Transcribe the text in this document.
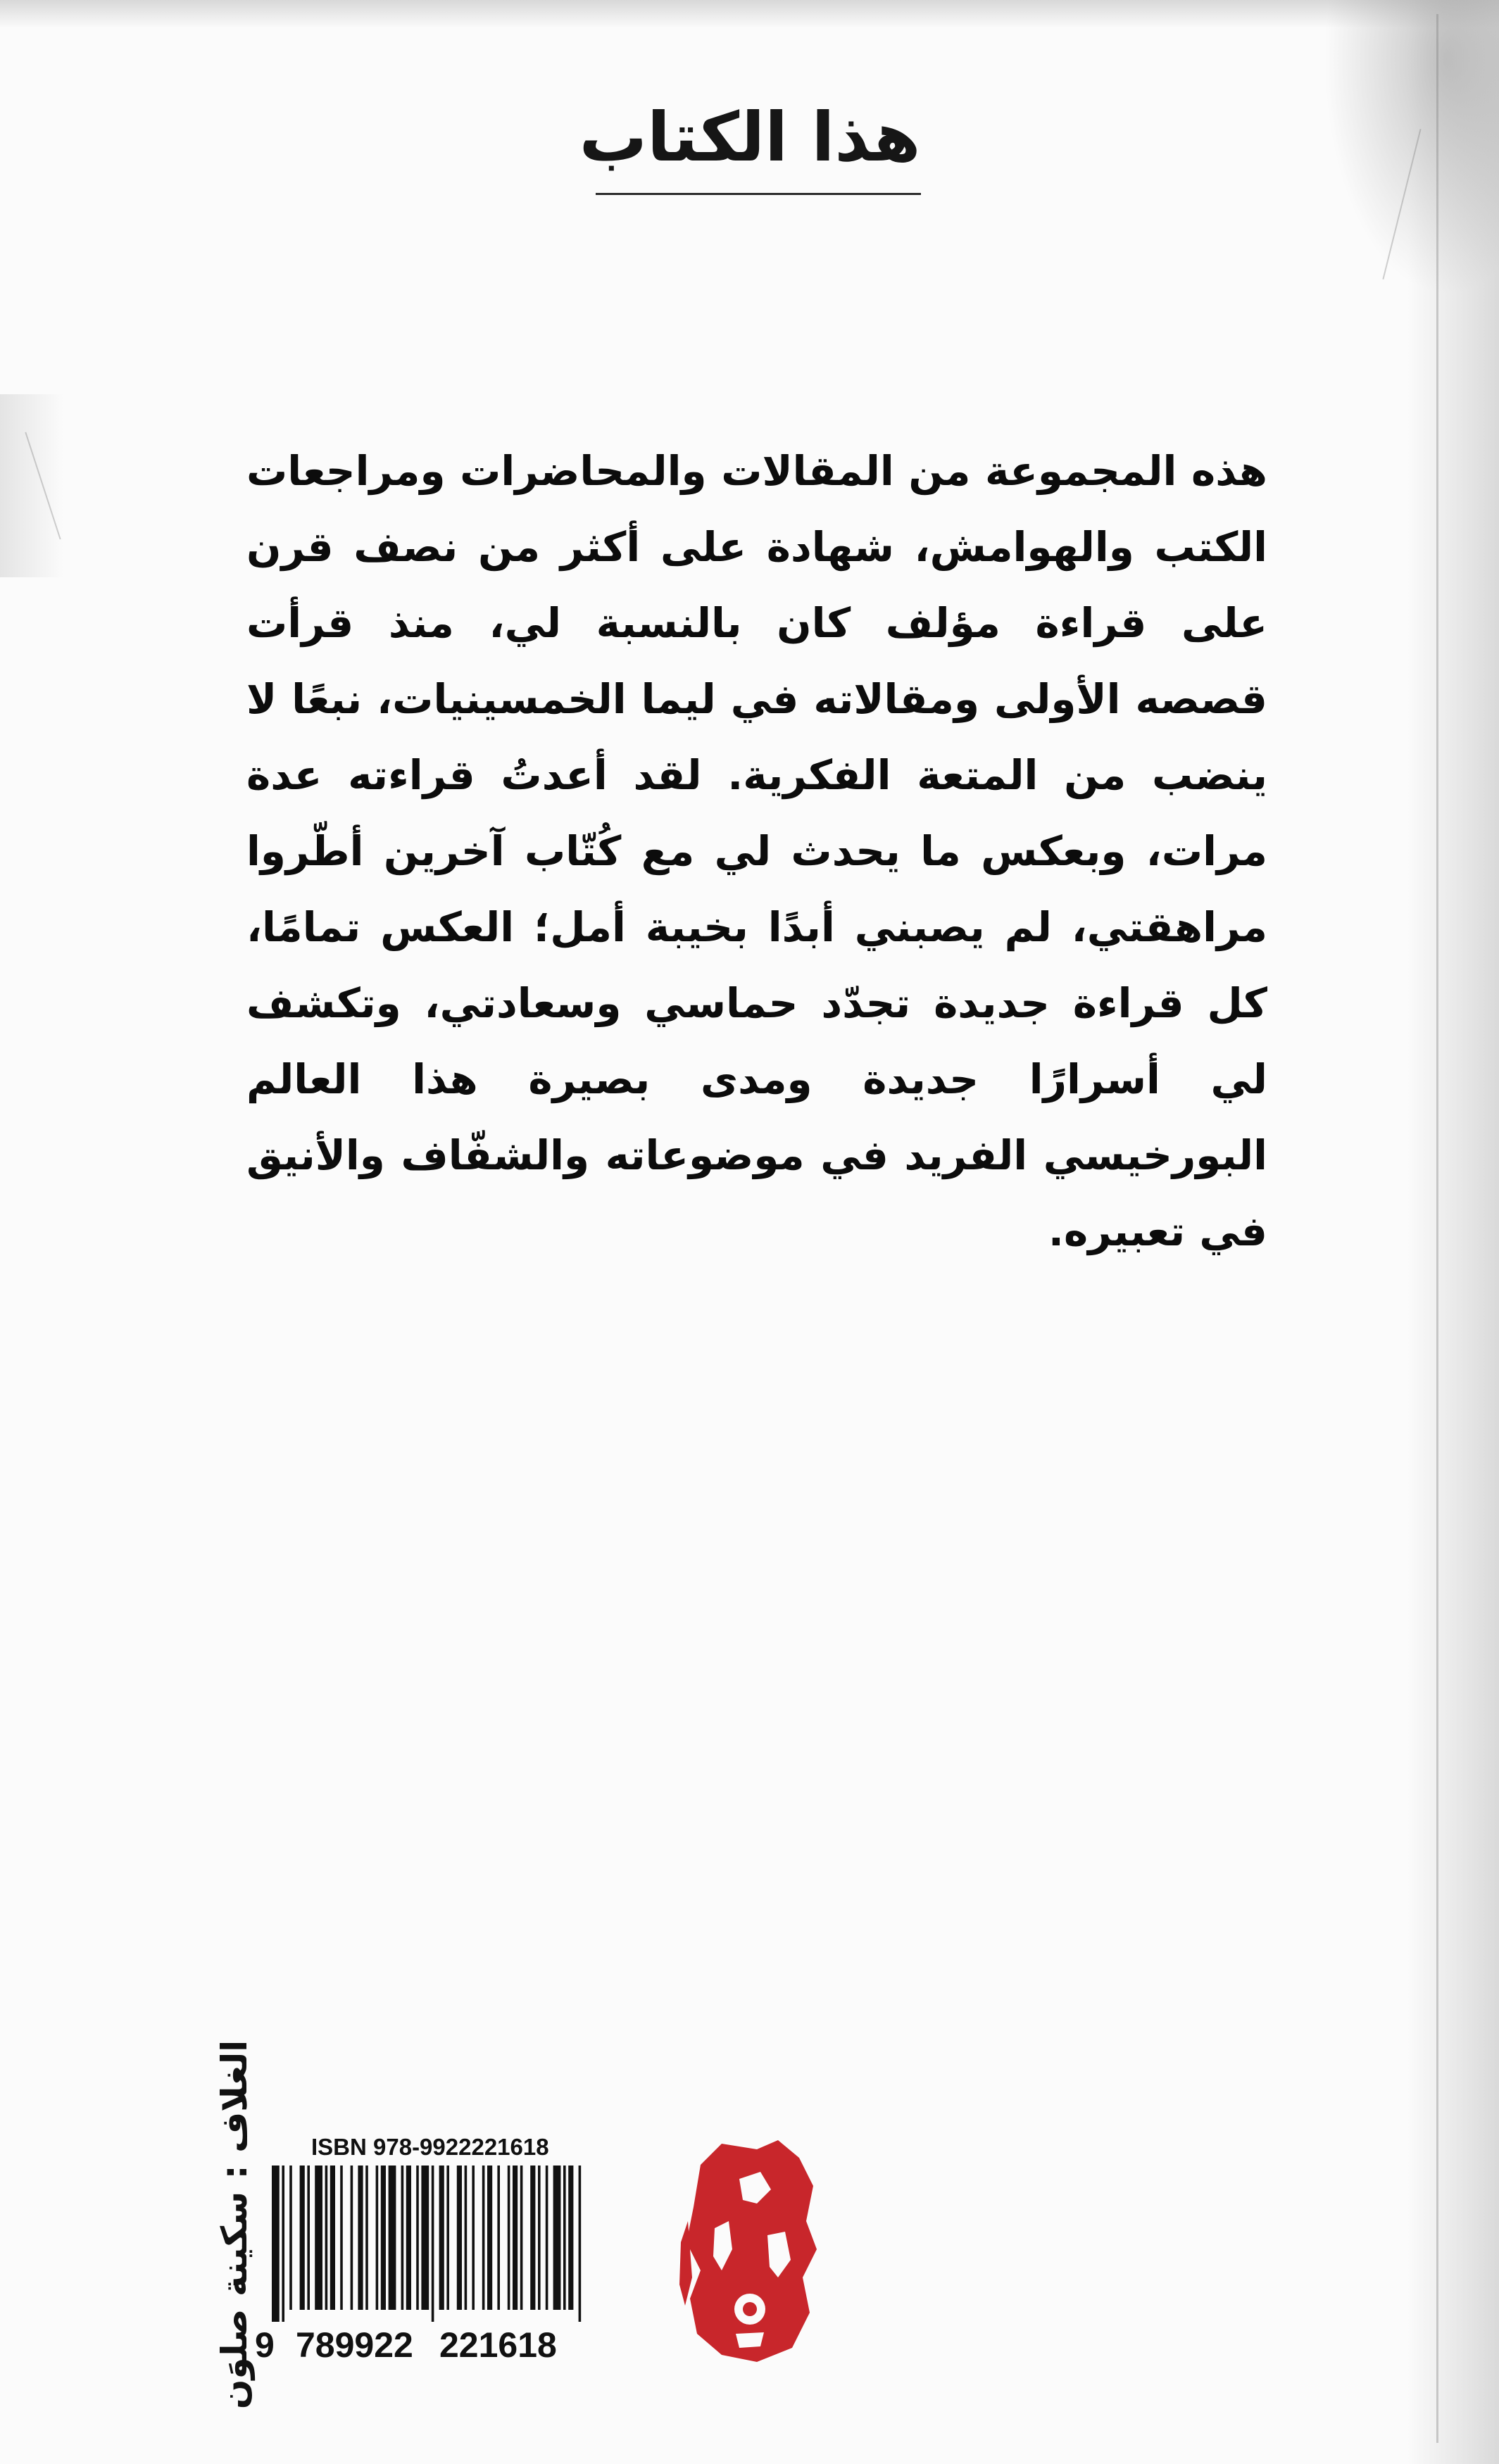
هذا الكتاب

هذه المجموعة من المقالات والمحاضرات ومراجعات الكتب والهوامش، شهادة على أكثر من نصف قرن على قراءة مؤلف كان بالنسبة لي، منذ قرأت قصصه الأولى ومقالاته في ليما الخمسينيات، نبعًا لا ينضب من المتعة الفكرية. لقد أعدتُ قراءته عدة مرات، وبعكس ما يحدث لي مع كُتّاب آخرين أطّروا مراهقتي، لم يصبني أبدًا بخيبة أمل؛ العكس تمامًا، كل قراءة جديدة تجدّد حماسي وسعادتي، وتكشف لي أسرارًا جديدة ومدى بصيرة هذا العالم البورخيسي الفريد في موضوعاته والشفّاف والأنيق في تعبيره.

الغلاف : سكينة صلوَن ISBN 978-9922221618
9 789922 221618
